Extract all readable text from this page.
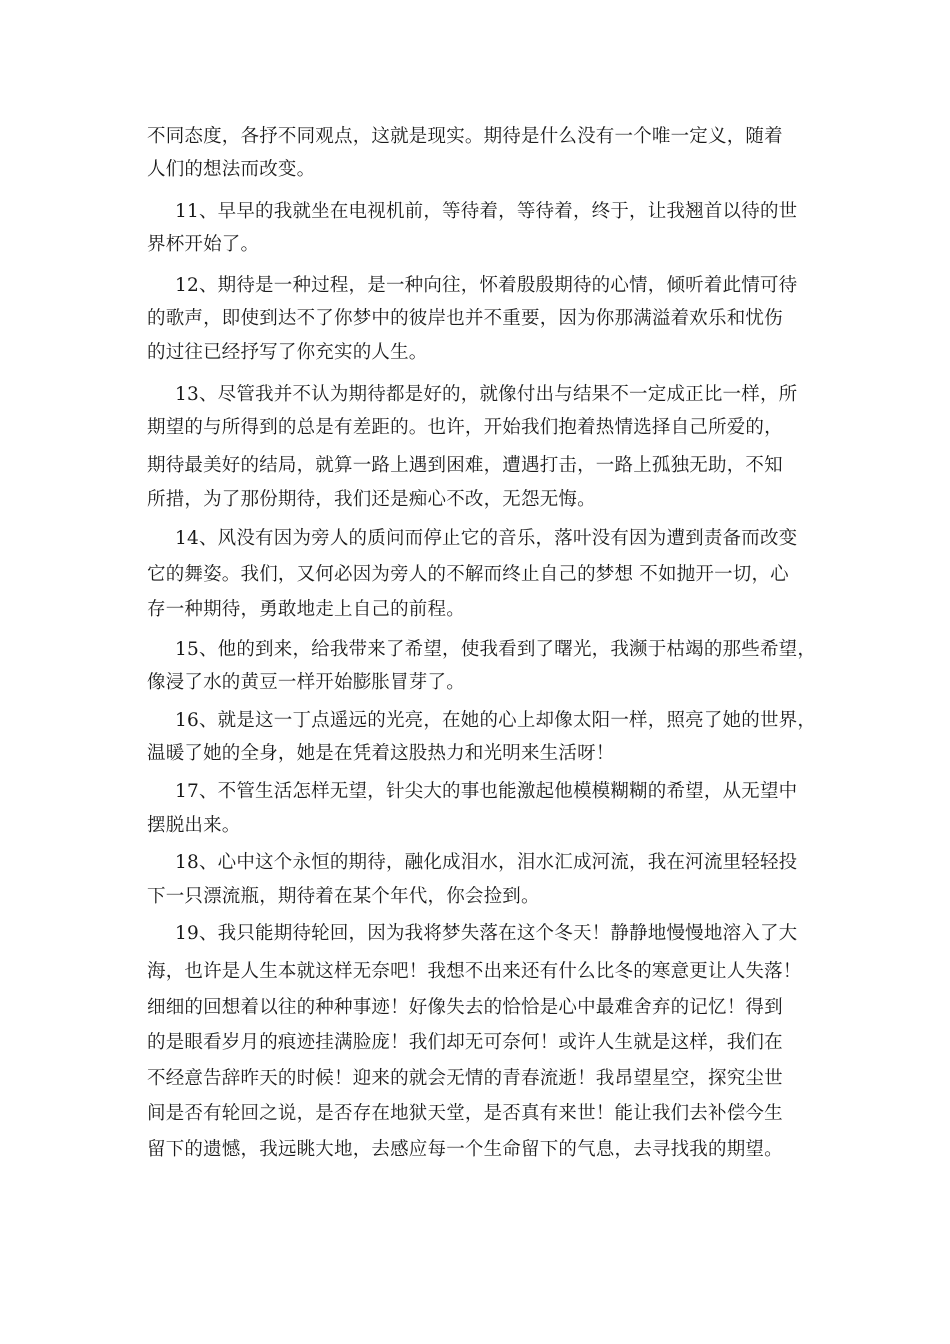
不同态度，各抒不同观点，这就是现实。期待是什么没有一个唯一定义，随着
人们的想法而改变。
11、早早的我就坐在电视机前，等待着，等待着，终于，让我翘首以待的世
界杯开始了。
12、期待是一种过程，是一种向往，怀着殷殷期待的心情，倾听着此情可待
的歌声，即使到达不了你梦中的彼岸也并不重要，因为你那满溢着欢乐和忧伤
的过往已经抒写了你充实的人生。
13、尽管我并不认为期待都是好的，就像付出与结果不一定成正比一样，所
期望的与所得到的总是有差距的。也许，开始我们抱着热情选择自己所爱的，
期待最美好的结局，就算一路上遇到困难，遭遇打击，一路上孤独无助，不知
所措，为了那份期待，我们还是痴心不改，无怨无悔。
14、风没有因为旁人的质问而停止它的音乐，落叶没有因为遭到责备而改变
它的舞姿。我们，又何必因为旁人的不解而终止自己的梦想 不如抛开一切，心
存一种期待，勇敢地走上自己的前程。
15、他的到来，给我带来了希望，使我看到了曙光，我濒于枯竭的那些希望，
像浸了水的黄豆一样开始膨胀冒芽了。
16、就是这一丁点遥远的光亮，在她的心上却像太阳一样，照亮了她的世界，
温暖了她的全身，她是在凭着这股热力和光明来生活呀！
17、不管生活怎样无望，针尖大的事也能激起他模模糊糊的希望，从无望中
摆脱出来。
18、心中这个永恒的期待，融化成泪水，泪水汇成河流，我在河流里轻轻投
下一只漂流瓶，期待着在某个年代，你会捡到。
19、我只能期待轮回，因为我将梦失落在这个冬天！静静地慢慢地溶入了大
海，也许是人生本就这样无奈吧！我想不出来还有什么比冬的寒意更让人失落！
细细的回想着以往的种种事迹！好像失去的恰恰是心中最难舍弃的记忆！得到
的是眼看岁月的痕迹挂满脸庞！我们却无可奈何！或许人生就是这样，我们在
不经意告辞昨天的时候！迎来的就会无情的青春流逝！我昂望星空，探究尘世
间是否有轮回之说，是否存在地狱天堂，是否真有来世！能让我们去补偿今生
留下的遗憾，我远眺大地，去感应每一个生命留下的气息，去寻找我的期望。
